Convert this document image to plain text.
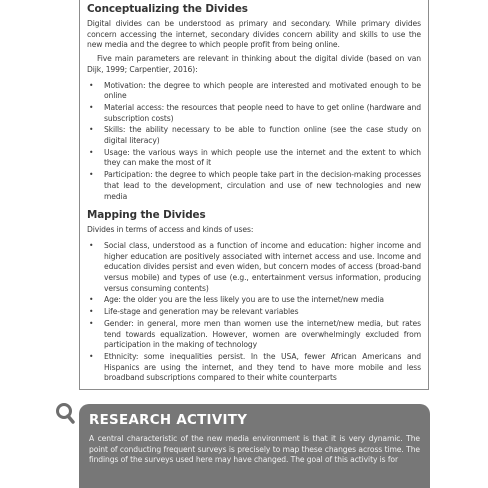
Conceptualizing the Divides

Digital divides can be understood as primary and secondary. While primary divides concern accessing the internet, secondary divides concern ability and skills to use the new media and the degree to which people profit from being online.

Five main parameters are relevant in thinking about the digital divide (based on van Dijk, 1999; Carpentier, 2016):

• Motivation: the degree to which people are interested and motivated enough to be online
• Material access: the resources that people need to have to get online (hardware and subscription costs)
• Skills: the ability necessary to be able to function online (see the case study on digital literacy)
• Usage: the various ways in which people use the internet and the extent to which they can make the most of it
• Participation: the degree to which people take part in the decision-making processes that lead to the development, circulation and use of new technologies and new media
Mapping the Divides

Divides in terms of access and kinds of uses:

• Social class, understood as a function of income and education: higher income and higher education are positively associated with internet access and use. Income and education divides persist and even widen, but concern modes of access (broad-band versus mobile) and types of use (e.g., entertainment versus information, producing versus consuming contents)
• Age: the older you are the less likely you are to use the internet/new media
• Life-stage and generation may be relevant variables
• Gender: in general, more men than women use the internet/new media, but rates tend towards equalization. However, women are overwhelmingly excluded from participation in the making of technology
• Ethnicity: some inequalities persist. In the USA, fewer African Americans and Hispanics are using the internet, and they tend to have more mobile and less broadband subscriptions compared to their white counterparts
RESEARCH ACTIVITY
A central characteristic of the new media environment is that it is very dynamic. The point of conducting frequent surveys is precisely to map these changes across time. The findings of the surveys used here may have changed. The goal of this activity is for
